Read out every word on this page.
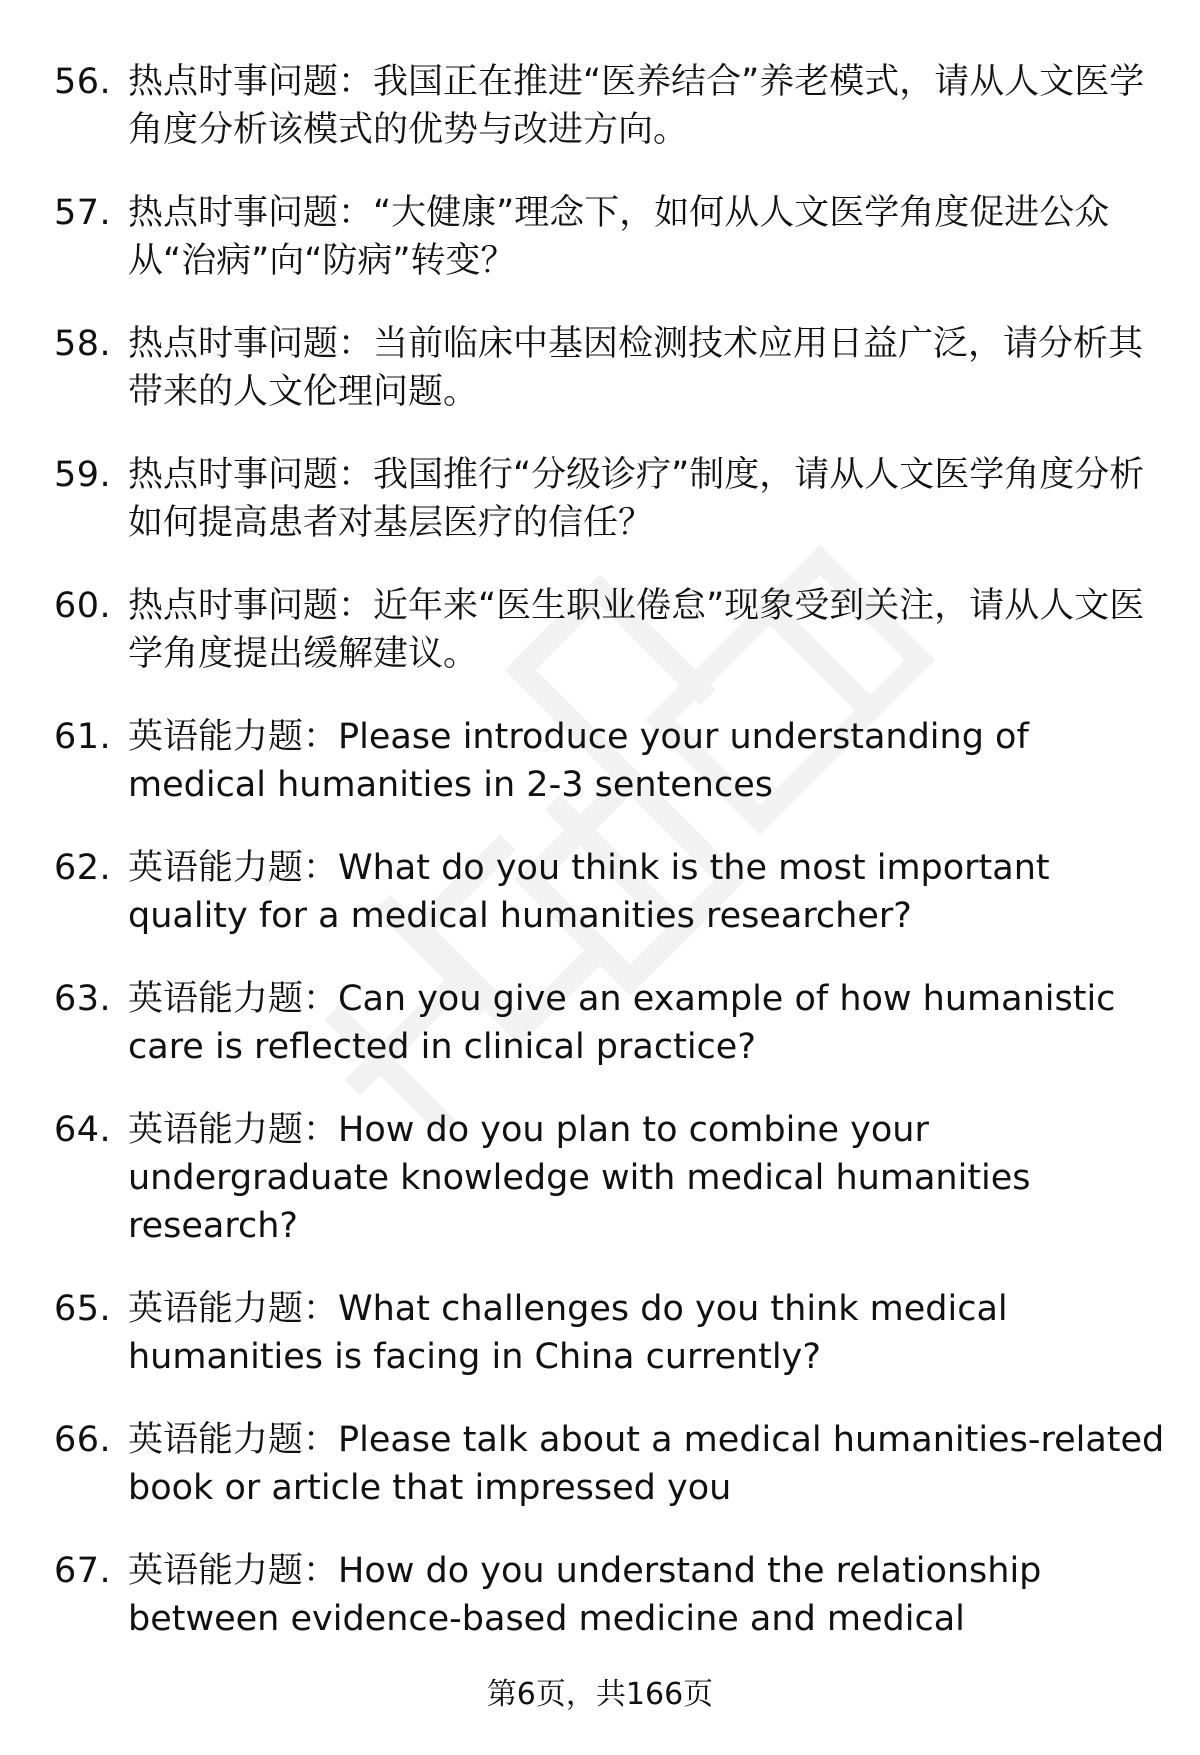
56. 热点时事问题：我国正在推进“医养结合”养老模式，请从人文医学角度分析该模式的优势与改进方向。
57. 热点时事问题：“大健康”理念下，如何从人文医学角度促进公众从“治病”向“防病”转变？
58. 热点时事问题：当前临床中基因检测技术应用日益广泛，请分析其带来的人文伦理问题。
59. 热点时事问题：我国推行“分级诊疗”制度，请从人文医学角度分析如何提高患者对基层医疗的信任？
60. 热点时事问题：近年来“医生职业倦怠”现象受到关注，请从人文医学角度提出缓解建议。
61. 英语能力题：Please introduce your understanding of medical humanities in 2-3 sentences
62. 英语能力题：What do you think is the most important quality for a medical humanities researcher?
63. 英语能力题：Can you give an example of how humanistic care is reflected in clinical practice?
64. 英语能力题：How do you plan to combine your undergraduate knowledge with medical humanities research?
65. 英语能力题：What challenges do you think medical humanities is facing in China currently?
66. 英语能力题：Please talk about a medical humanities-related book or article that impressed you
67. 英语能力题：How do you understand the relationship between evidence-based medicine and medical
第6页，共166页
